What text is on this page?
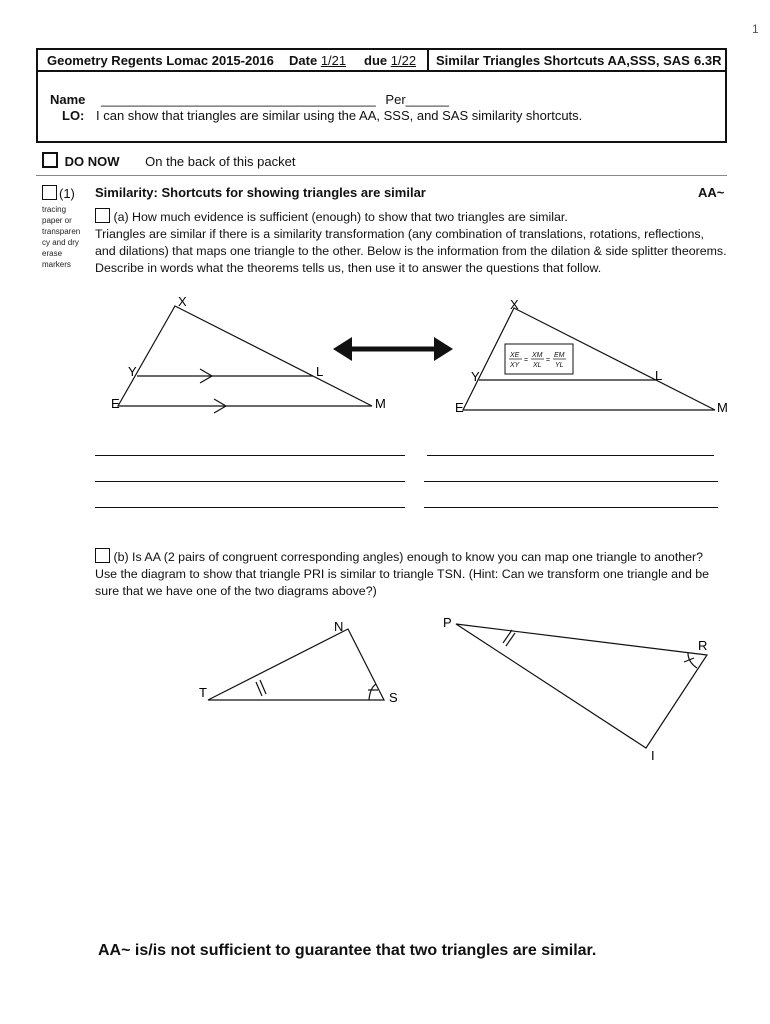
1
Geometry Regents Lomac 2015-2016 Date 1/21 due 1/22 Similar Triangles Shortcuts AA,SSS, SAS 6.3R
Name ______________________________________ Per______
LO: I can show that triangles are similar using the AA, SSS, and SAS similarity shortcuts.
DO NOW On the back of this packet
(1) Similarity: Shortcuts for showing triangles are similar	AA~
tracing
paper or
transparen
cy and dry
erase
markers
(a) How much evidence is sufficient (enough) to show that two triangles are similar.
Triangles are similar if there is a similarity transformation (any combination of translations, rotations, reflections,
and dilations) that maps one triangle to the other. Below is the information from the dilation & side splitter theorems.
Describe in words what the theorems tells us, then use it to answer the questions that follow.
X
Y	L
E	M
XE
XY
=
XM
XL
=
EM
YL
X
Y	L
E	M
N
T	S
P
R
I
(b) Is AA (2 pairs of congruent corresponding angles) enough to know you can map one triangle to another?
Use the diagram to show that triangle PRI is similar to triangle TSN. (Hint: Can we transform one triangle and be
sure that we have one of the two diagrams above?)
AA~ is/is not sufficient to guarantee that two triangles are similar.
